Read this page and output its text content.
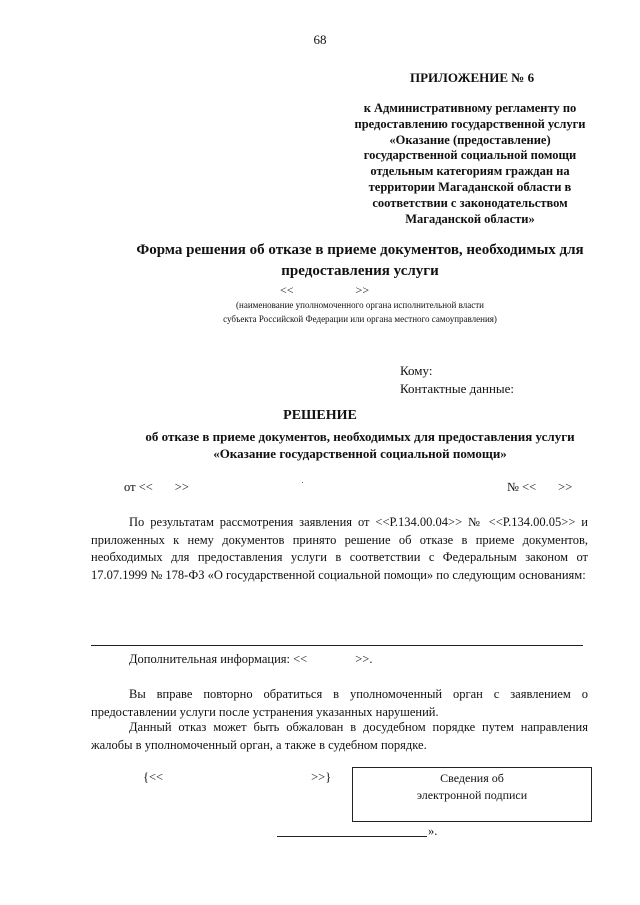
68
ПРИЛОЖЕНИЕ № 6
к Административному регламенту по предоставлению государственной услуги «Оказание (предоставление) государственной социальной помощи отдельным категориям граждан на территории Магаданской области в соответствии с законодательством Магаданской области»
Форма решения об отказе в приеме документов, необходимых для
предоставления услуги
<<	>>
(наименование уполномоченного органа исполнительной власти
субъекта Российской Федерации или органа местного самоуправления)
Кому:
Контактные данные:
РЕШЕНИЕ
об отказе в приеме документов, необходимых для предоставления услуги
«Оказание государственной социальной помощи»
от << >>	№ << >>
По результатам рассмотрения заявления от <<Р.134.00.04>> № <<Р.134.00.05>> и
приложенных к нему документов принято решение об отказе в приеме документов, необходимых для предоставления услуги в соответствии с Федеральным законом от 17.07.1999 № 178-ФЗ «О государственной социальной помощи» по следующим основаниям:
Дополнительная информация: <<	>>.
Вы вправе повторно обратиться в уполномоченный орган с заявлением о предоставлении услуги после устранения указанных нарушений.
Данный отказ может быть обжалован в досудебном порядке путем направления жалобы в уполномоченный орган, а также в судебном порядке.
{<<	>>}	Сведения об электронной подписи
».
